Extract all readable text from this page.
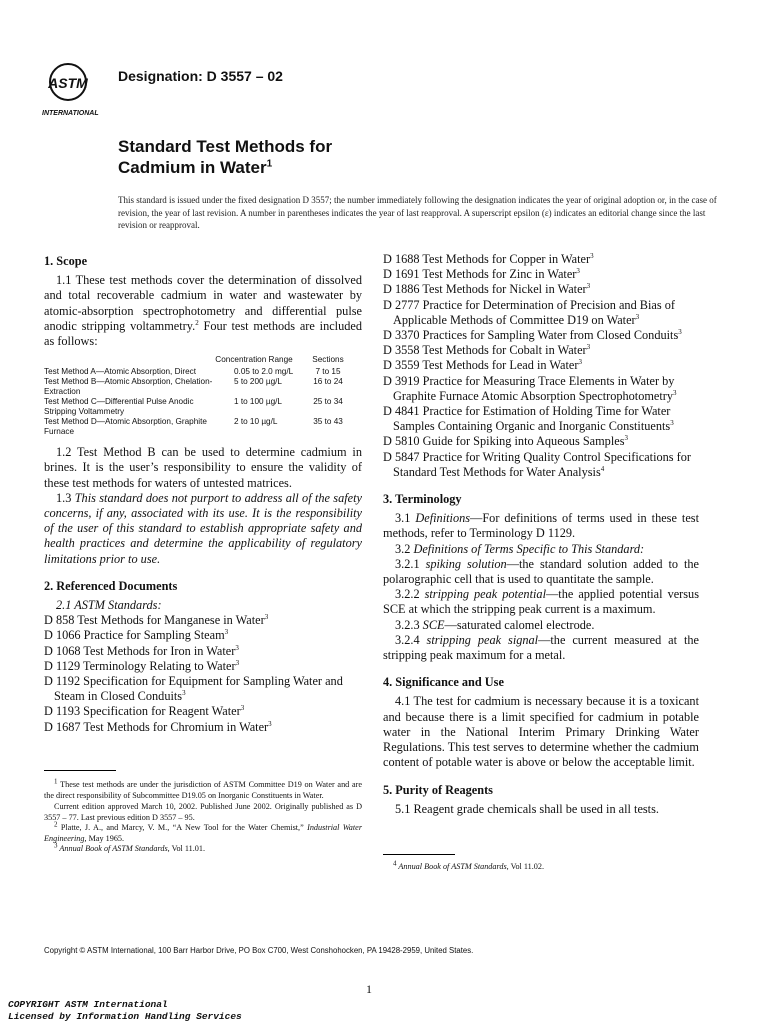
ASTM
INTERNATIONAL
Designation: D 3557 – 02
Standard Test Methods for
Cadmium in Water$^1$
This standard is issued under the fixed designation D 3557; the number immediately following the designation indicates the year of original adoption or, in the case of revision, the year of last revision. A number in parentheses indicates the year of last reapproval. A superscript epsilon (ε) indicates an editorial change since the last revision or reapproval.
1. Scope

1.1 These test methods cover the determination of dissolved and total recoverable cadmium in water and wastewater by atomic-absorption spectrophotometry and differential pulse anodic stripping voltammetry.$^2$ Four test methods are included as follows:

	Concentration Range	Sections
Test Method A—Atomic Absorption, Direct	0.05 to 2.0 mg/L	7 to 15
Test Method B—Atomic Absorption, Chelation-Extraction	5 to 200 µg/L	16 to 24
Test Method C—Differential Pulse Anodic Stripping Voltammetry	1 to 100 µg/L	25 to 34
Test Method D—Atomic Absorption, Graphite Furnace	2 to 10 µg/L	35 to 43

1.2 Test Method B can be used to determine cadmium in brines. It is the user’s responsibility to ensure the validity of these test methods for waters of untested matrices.

1.3 This standard does not purport to address all of the safety concerns, if any, associated with its use. It is the responsibility of the user of this standard to establish appropriate safety and health practices and determine the applicability of regulatory limitations prior to use.

2. Referenced Documents

2.1 ASTM Standards:

D 858 Test Methods for Manganese in Water$^3$

D 1066 Practice for Sampling Steam$^3$

D 1068 Test Methods for Iron in Water$^3$

D 1129 Terminology Relating to Water$^3$

D 1192 Specification for Equipment for Sampling Water and Steam in Closed Conduits$^3$

D 1193 Specification for Reagent Water$^3$

D 1687 Test Methods for Chromium in Water$^3$

$^1$ These test methods are under the jurisdiction of ASTM Committee D19 on Water and are the direct responsibility of Subcommittee D19.05 on Inorganic Constituents in Water.

Current edition approved March 10, 2002. Published June 2002. Originally published as D 3557 – 77. Last previous edition D 3557 – 95.

$^2$ Platte, J. A., and Marcy, V. M., “A New Tool for the Water Chemist,” Industrial Water Engineering, May 1965.

$^3$ Annual Book of ASTM Standards, Vol 11.01.

D 1688 Test Methods for Copper in Water$^3$

D 1691 Test Methods for Zinc in Water$^3$

D 1886 Test Methods for Nickel in Water$^3$

D 2777 Practice for Determination of Precision and Bias of Applicable Methods of Committee D19 on Water$^3$

D 3370 Practices for Sampling Water from Closed Conduits$^3$

D 3558 Test Methods for Cobalt in Water$^3$

D 3559 Test Methods for Lead in Water$^3$

D 3919 Practice for Measuring Trace Elements in Water by Graphite Furnace Atomic Absorption Spectrophotometry$^3$

D 4841 Practice for Estimation of Holding Time for Water Samples Containing Organic and Inorganic Constituents$^3$

D 5810 Guide for Spiking into Aqueous Samples$^3$

D 5847 Practice for Writing Quality Control Specifications for Standard Test Methods for Water Analysis$^4$

3. Terminology

3.1 Definitions—For definitions of terms used in these test methods, refer to Terminology D 1129.

3.2 Definitions of Terms Specific to This Standard:

3.2.1 spiking solution—the standard solution added to the polarographic cell that is used to quantitate the sample.

3.2.2 stripping peak potential—the applied potential versus SCE at which the stripping peak current is a maximum.

3.2.3 SCE—saturated calomel electrode.

3.2.4 stripping peak signal—the current measured at the stripping peak maximum for a metal.

4. Significance and Use

4.1 The test for cadmium is necessary because it is a toxicant and because there is a limit specified for cadmium in potable water in the National Interim Primary Drinking Water Regulations. This test serves to determine whether the cadmium content of potable water is above or below the acceptable limit.

5. Purity of Reagents

5.1 Reagent grade chemicals shall be used in all tests.

$^4$ Annual Book of ASTM Standards, Vol 11.02.

Copyright © ASTM International, 100 Barr Harbor Drive, PO Box C700, West Conshohocken, PA 19428-2959, United States.
1
COPYRIGHT ASTM International
Licensed by Information Handling Services
